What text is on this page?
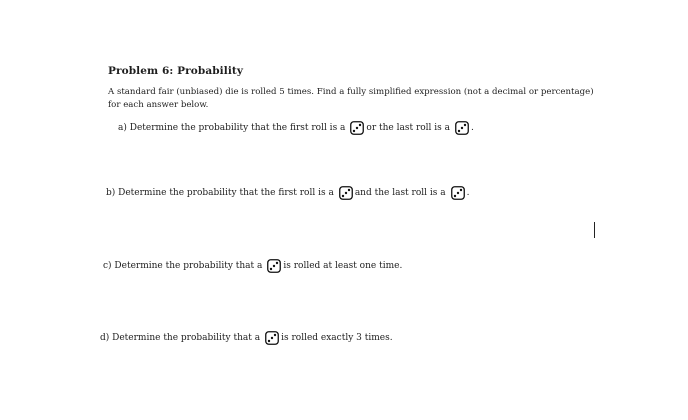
Problem 6: Probability
A standard fair (unbiased) die is rolled 5 times. Find a fully simplified expression (not a decimal or percentage) for each answer below.
a) Determine the probability that the first roll is a or the last roll is a .
b) Determine the probability that the first roll is a and the last roll is a .
c) Determine the probability that a is rolled at least one time.
d) Determine the probability that a is rolled exactly 3 times.
